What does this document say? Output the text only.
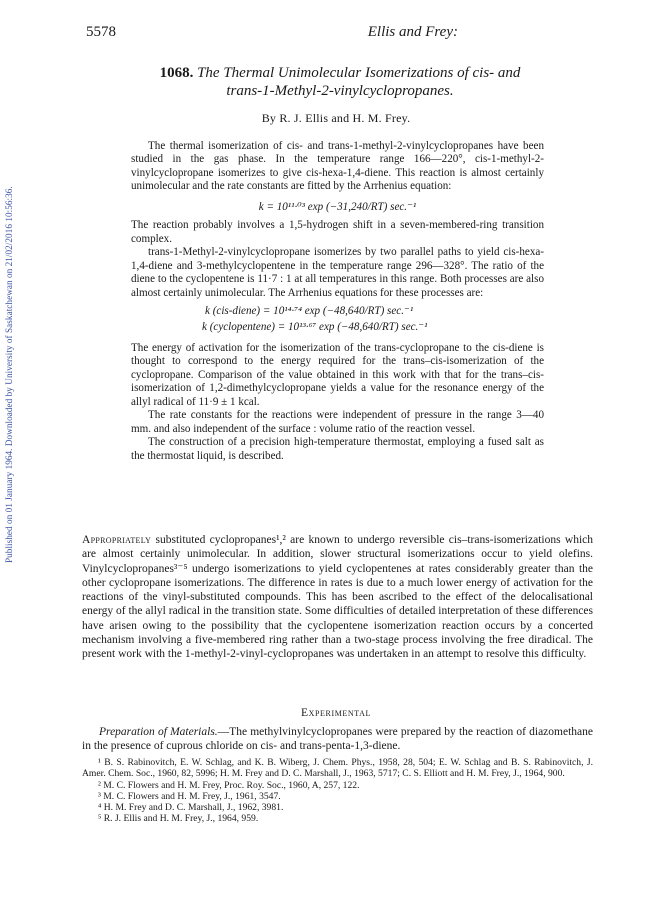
Published on 01 January 1964. Downloaded by University of Saskatchewan on 21/02/2016 10:56:36.
5578	Ellis and Frey:
1068. The Thermal Unimolecular Isomerizations of cis- and
trans-1-Methyl-2-vinylcyclopropanes.
By R. J. Ellis and H. M. Frey.

The thermal isomerization of cis- and trans-1-methyl-2-vinylcyclopropanes have been studied in the gas phase. In the temperature range 166—220°, cis-1-methyl-2-vinylcyclopropane isomerizes to give cis-hexa-1,4-diene. This reaction is almost certainly unimolecular and the rate constants are fitted by the Arrhenius equation:

k = 10¹¹·⁰³ exp (−31,240/RT) sec.⁻¹

The reaction probably involves a 1,5-hydrogen shift in a seven-membered-ring transition complex.

trans-1-Methyl-2-vinylcyclopropane isomerizes by two parallel paths to yield cis-hexa-1,4-diene and 3-methylcyclopentene in the temperature range 296—328°. The ratio of the diene to the cyclopentene is 11·7 : 1 at all temperatures in this range. Both processes are also almost certainly unimolecular. The Arrhenius equations for these processes are:

k (cis-diene) = 10¹⁴·⁷⁴ exp (−48,640/RT) sec.⁻¹

k (cyclopentene) = 10¹³·⁶⁷ exp (−48,640/RT) sec.⁻¹

The energy of activation for the isomerization of the trans-cyclopropane to the cis-diene is thought to correspond to the energy required for the trans–cis-isomerization of the cyclopropane. Comparison of the value obtained in this work with that for the trans–cis-isomerization of 1,2-dimethylcyclopropane yields a value for the resonance energy of the allyl radical of 11·9 ± 1 kcal.

The rate constants for the reactions were independent of pressure in the range 3—40 mm. and also independent of the surface : volume ratio of the reaction vessel.

The construction of a precision high-temperature thermostat, employing a fused salt as the thermostat liquid, is described.

Appropriately substituted cyclopropanes¹,² are known to undergo reversible cis–trans-isomerizations which are almost certainly unimolecular. In addition, slower structural isomerizations occur to yield olefins. Vinylcyclopropanes³⁻⁵ undergo isomerizations to yield cyclopentenes at rates considerably greater than the other cyclopropane isomerizations. The difference in rates is due to a much lower energy of activation for the reactions of the vinyl-substituted compounds. This has been ascribed to the effect of the delocalisational energy of the allyl radical in the transition state. Some difficulties of detailed interpretation of these differences have arisen owing to the possibility that the cyclopentene isomerization reaction occurs by a concerted mechanism involving a five-membered ring rather than a two-stage process involving the free diradical. The present work with the 1-methyl-2-vinyl-cyclopropanes was undertaken in an attempt to resolve this difficulty.

Experimental

Preparation of Materials.—The methylvinylcyclopropanes were prepared by the reaction of diazomethane in the presence of cuprous chloride on cis- and trans-penta-1,3-diene.

¹ B. S. Rabinovitch, E. W. Schlag, and K. B. Wiberg, J. Chem. Phys., 1958, 28, 504; E. W. Schlag and B. S. Rabinovitch, J. Amer. Chem. Soc., 1960, 82, 5996; H. M. Frey and D. C. Marshall, J., 1963, 5717; C. S. Elliott and H. M. Frey, J., 1964, 900.

² M. C. Flowers and H. M. Frey, Proc. Roy. Soc., 1960, A, 257, 122.

³ M. C. Flowers and H. M. Frey, J., 1961, 3547.

⁴ H. M. Frey and D. C. Marshall, J., 1962, 3981.

⁵ R. J. Ellis and H. M. Frey, J., 1964, 959.
